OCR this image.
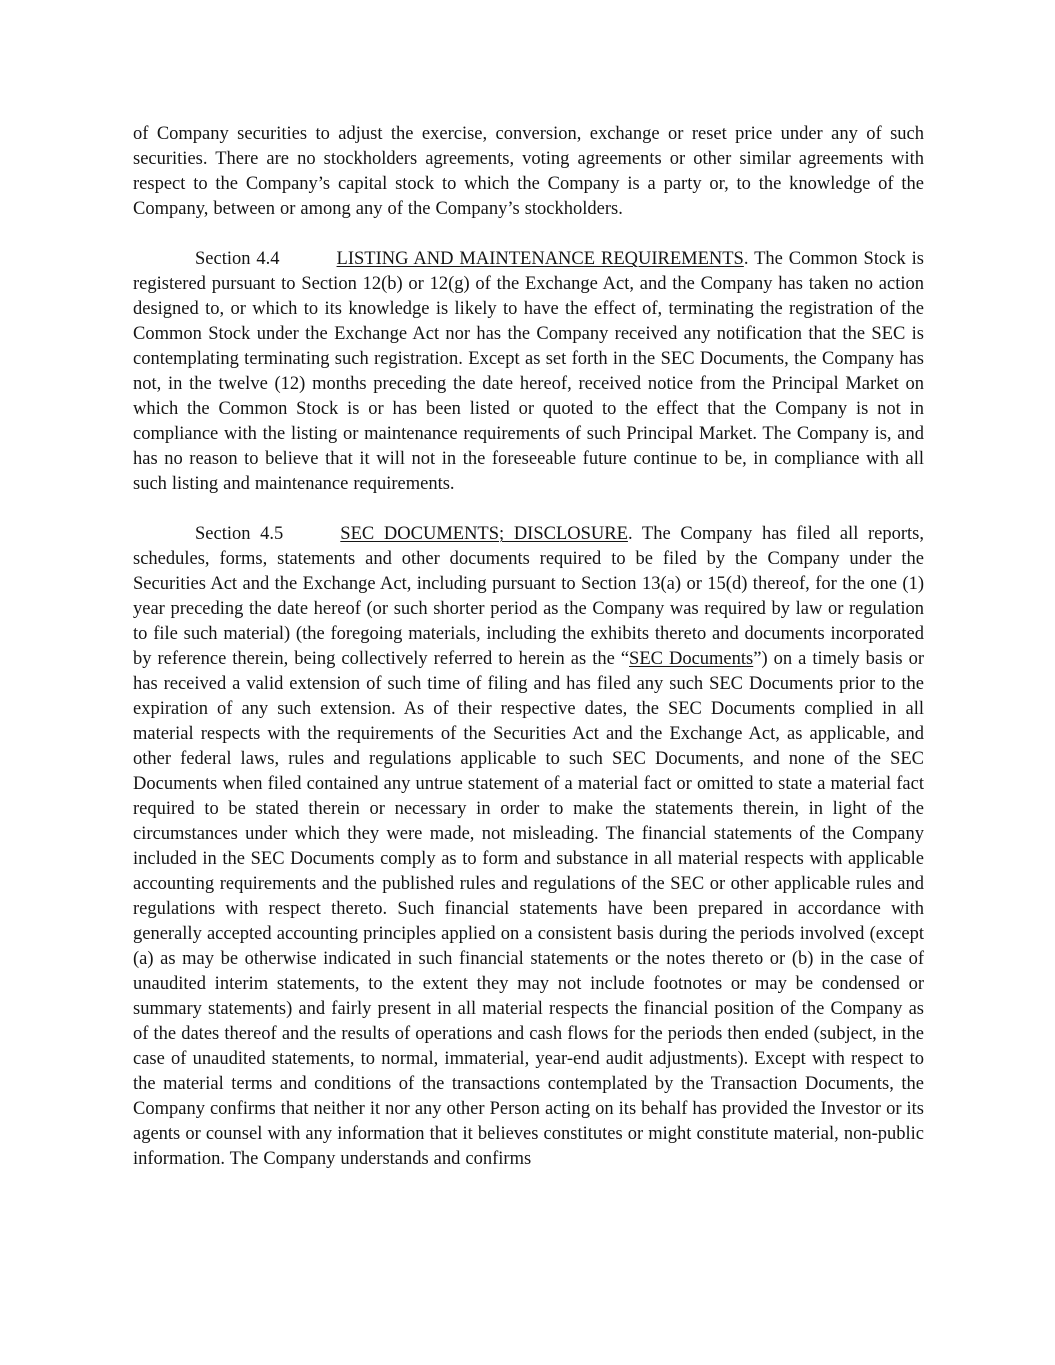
of Company securities to adjust the exercise, conversion, exchange or reset price under any of such securities. There are no stockholders agreements, voting agreements or other similar agreements with respect to the Company’s capital stock to which the Company is a party or, to the knowledge of the Company, between or among any of the Company’s stockholders.

Section 4.4	LISTING AND MAINTENANCE REQUIREMENTS. The Common Stock is registered pursuant to Section 12(b) or 12(g) of the Exchange Act, and the Company has taken no action designed to, or which to its knowledge is likely to have the effect of, terminating the registration of the Common Stock under the Exchange Act nor has the Company received any notification that the SEC is contemplating terminating such registration. Except as set forth in the SEC Documents, the Company has not, in the twelve (12) months preceding the date hereof, received notice from the Principal Market on which the Common Stock is or has been listed or quoted to the effect that the Company is not in compliance with the listing or maintenance requirements of such Principal Market. The Company is, and has no reason to believe that it will not in the foreseeable future continue to be, in compliance with all such listing and maintenance requirements.

Section 4.5	SEC DOCUMENTS; DISCLOSURE. The Company has filed all reports, schedules, forms, statements and other documents required to be filed by the Company under the Securities Act and the Exchange Act, including pursuant to Section 13(a) or 15(d) thereof, for the one (1) year preceding the date hereof (or such shorter period as the Company was required by law or regulation to file such material) (the foregoing materials, including the exhibits thereto and documents incorporated by reference therein, being collectively referred to herein as the “SEC Documents”) on a timely basis or has received a valid extension of such time of filing and has filed any such SEC Documents prior to the expiration of any such extension. As of their respective dates, the SEC Documents complied in all material respects with the requirements of the Securities Act and the Exchange Act, as applicable, and other federal laws, rules and regulations applicable to such SEC Documents, and none of the SEC Documents when filed contained any untrue statement of a material fact or omitted to state a material fact required to be stated therein or necessary in order to make the statements therein, in light of the circumstances under which they were made, not misleading. The financial statements of the Company included in the SEC Documents comply as to form and substance in all material respects with applicable accounting requirements and the published rules and regulations of the SEC or other applicable rules and regulations with respect thereto. Such financial statements have been prepared in accordance with generally accepted accounting principles applied on a consistent basis during the periods involved (except (a) as may be otherwise indicated in such financial statements or the notes thereto or (b) in the case of unaudited interim statements, to the extent they may not include footnotes or may be condensed or summary statements) and fairly present in all material respects the financial position of the Company as of the dates thereof and the results of operations and cash flows for the periods then ended (subject, in the case of unaudited statements, to normal, immaterial, year-end audit adjustments). Except with respect to the material terms and conditions of the transactions contemplated by the Transaction Documents, the Company confirms that neither it nor any other Person acting on its behalf has provided the Investor or its agents or counsel with any information that it believes constitutes or might constitute material, non-public information. The Company understands and confirms
